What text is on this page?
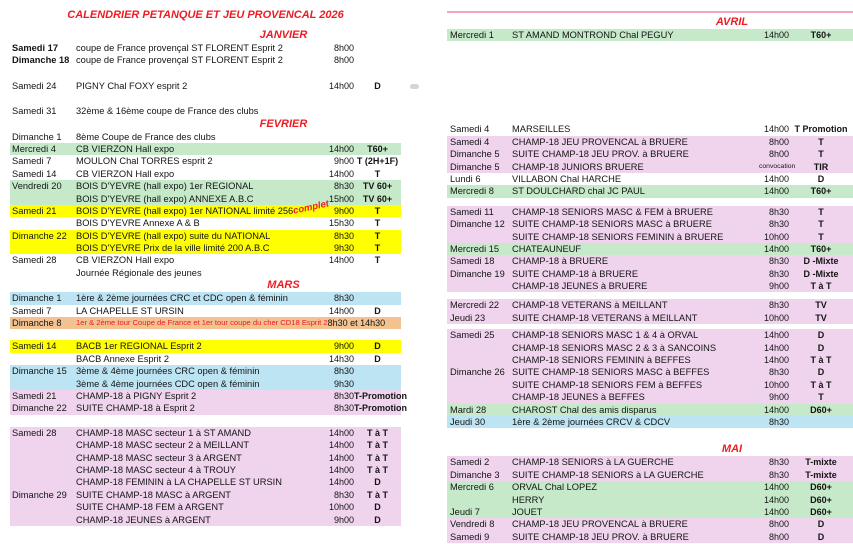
CALENDRIER PETANQUE ET JEU PROVENCAL 2026
JANVIER
Samedi 17	coupe de France provençal ST FLORENT Esprit 2	8h00
Dimanche 18 coupe de France provençal ST FLORENT Esprit 2	8h00
Samedi 24	PIGNY Chal FOXY esprit 2	14h00	D
Samedi 31	32ème & 16ème coupe de France des clubs
FEVRIER
Dimanche 1	8ème Coupe de France des clubs
Mercredi 4	CB VIERZON Hall expo	14h00	T60+
Samedi 7	MOULON Chal TORRES esprit 2	9h00 T (2H+1F)
Samedi 14	CB VIERZON Hall expo	14h00	T
Vendredi 20	BOIS D'YEVRE (hall expo) 1er REGIONAL	8h30 TV 60+
BOIS D'YEVRE (hall expo) ANNEXE A.B.C	15h00 TV 60+
Samedi 21	BOIS D'YEVRE (hall expo) 1er NATIONAL limité 256	9h00	T
complet
BOIS D'YEVRE Annexe A & B	15h30	T
Dimanche 22 BOIS D'YEVRE (hall expo) suite du NATIONAL	8h30	T
BOIS D'YEVRE Prix de la ville limité 200 A.B.C	9h30	T
Samedi 28	CB VIERZON Hall expo	14h00	T
Journée Régionale des jeunes
MARS
Dimanche 1	1ère & 2ème journées CRC et CDC open & féminin	8h30
Samedi 7	LA CHAPELLE ST URSIN	14h00	D
Dimanche 8	1er & 2ème tour Coupe de France et 1er tour coupe du cher CD18 Esprit 2 8h30 et 14h30
Samedi 14	BACB 1er REGIONAL Esprit 2	9h00	D
BACB Annexe Esprit 2	14h30	D
Dimanche 15 3ème & 4ème journées CRC open & féminin	8h30
3ème & 4ème journées CDC open & féminin	9h30
Samedi 21	CHAMP-18 à PIGNY Esprit 2	8h30 T-Promotion
Dimanche 22 SUITE CHAMP-18 à Esprit 2	8h30 T-Promotion
Samedi 28	CHAMP-18 MASC secteur 1 à ST AMAND	14h00	T à T
CHAMP-18 MASC secteur 2 à MEILLANT	14h00	T à T
CHAMP-18 MASC secteur 3 à ARGENT	14h00	T à T
CHAMP-18 MASC secteur 4 à TROUY	14h00	T à T
CHAMP-18 FEMININ à LA CHAPELLE ST URSIN	14h00	D
Dimanche 29 SUITE CHAMP-18 MASC à ARGENT	8h30	T à T
SUITE CHAMP-18 FEM à ARGENT	10h00	D
CHAMP-18 JEUNES à ARGENT	9h00	D
AVRIL
Mercredi 1	ST AMAND MONTROND Chal PEGUY	14h00	T60+
Samedi 4	MARSEILLES	14h00 T Promotion
Samedi 4	CHAMP-18 JEU PROVENCAL à BRUERE	8h00	T
Dimanche 5	SUITE CHAMP-18 JEU PROV. à BRUERE	8h00	T
Dimanche 5	CHAMP-18 JUNIORS BRUERE	convocation	TIR
Lundi 6	VILLABON Chal HARCHE	14h00	D
Mercredi 8	ST DOULCHARD chal JC PAUL	14h00	T60+
Samedi 11	CHAMP-18 SENIORS MASC & FEM à BRUERE	8h30	T
Dimanche 12 SUITE CHAMP-18 SENIORS MASC à BRUERE	8h30	T
SUITE CHAMP-18 SENIORS FEMININ à BRUERE	10h00	T
Mercredi 15	CHATEAUNEUF	14h00	T60+
Samedi 18	CHAMP-18 à BRUERE	8h30	D -Mixte
Dimanche 19 SUITE CHAMP-18 à BRUERE	8h30	D -Mixte
CHAMP-18 JEUNES à BRUERE	9h00	T à T
Mercredi 22	CHAMP-18 VETERANS à MEILLANT	8h30	TV
Jeudi 23	SUITE CHAMP-18 VETERANS à MEILLANT	10h00	TV
Samedi 25	CHAMP-18 SENIORS MASC 1 & 4 à ORVAL	14h00	D
CHAMP-18 SENIORS MASC 2 & 3 à SANCOINS	14h00	D
CHAMP-18 SENIORS FEMININ à BEFFES	14h00	T à T
Dimanche 26 SUITE CHAMP-18 SENIORS MASC à BEFFES	8h30	D
SUITE CHAMP-18 SENIORS FEM à BEFFES	10h00	T à T
CHAMP-18 JEUNES à BEFFES	9h00	T
Mardi 28	CHAROST Chal des amis disparus	14h00	D60+
Jeudi 30	1ère & 2ème journées CRCV & CDCV	8h30
MAI
Samedi 2	CHAMP-18 SENIORS à LA GUERCHE	8h30	T-mixte
Dimanche 3	SUITE CHAMP-18 SENIORS à LA GUERCHE	8h30	T-mixte
Mercredi 6	ORVAL Chal LOPEZ	14h00	D60+
HERRY	14h00	D60+
Jeudi 7	JOUET	14h00	D60+
Vendredi 8	CHAMP-18 JEU PROVENCAL à BRUERE	8h00	D
Samedi 9	SUITE CHAMP-18 JEU PROV. à BRUERE	8h00	D
